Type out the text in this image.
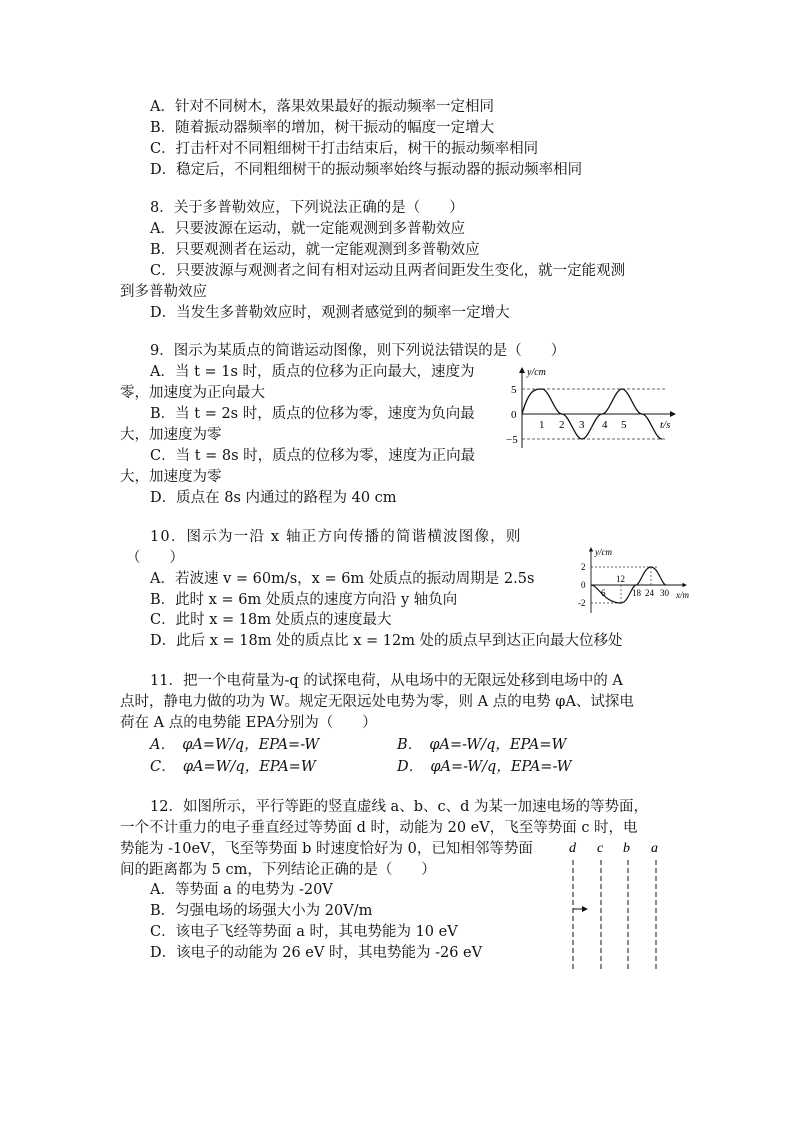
A．针对不同树木，落果效果最好的振动频率一定相同
B．随着振动器频率的增加，树干振动的幅度一定增大
C．打击杆对不同粗细树干打击结束后，树干的振动频率相同
D．稳定后，不同粗细树干的振动频率始终与振动器的振动频率相同
8．关于多普勒效应，下列说法正确的是（　　）
A．只要波源在运动，就一定能观测到多普勒效应
B．只要观测者在运动，就一定能观测到多普勒效应
C．只要波源与观测者之间有相对运动且两者间距发生变化，就一定能观测
到多普勒效应
D．当发生多普勒效应时，观测者感觉到的频率一定增大
9．图示为某质点的简谐运动图像，则下列说法错误的是（　　）
A．当 t = 1s 时，质点的位移为正向最大，速度为
零，加速度为正向最大
B．当 t = 2s 时，质点的位移为零，速度为负向最
大，加速度为零
C．当 t = 8s 时，质点的位移为零，速度为正向最
大，加速度为零
D．质点在 8s 内通过的路程为 40 cm
y/cm
t/s
5
0
−5
1 2 3 4 5
10．图示为一沿 x 轴正方向传播的简谐横波图像，则
（　　）
A．若波速 v = 60m/s，x = 6m 处质点的振动周期是 2.5s
B．此时 x = 6m 处质点的速度方向沿 y 轴负向
C．此时 x = 18m 处质点的速度最大
D．此后 x = 18m 处的质点比 x = 12m 处的质点早到达正向最大位移处
y/cm
x/m
2
0
-2
6
12
18 24 30
11．把一个电荷量为-q 的试探电荷，从电场中的无限远处移到电场中的 A
点时，静电力做的功为 W。规定无限远处电势为零，则 A 点的电势 φA、试探电
荷在 A 点的电势能 EPA分别为（　　）
A．　φA=W/q，EPA=-W	B．　φA=-W/q，EPA=W
C．　φA=W/q，EPA=W	D．　φA=-W/q，EPA=-W
12．如图所示，平行等距的竖直虚线 a、b、c、d 为某一加速电场的等势面，
一个不计重力的电子垂直经过等势面 d 时，动能为 20 eV，飞至等势面 c 时，电
势能为 -10eV，飞至等势面 b 时速度恰好为 0，已知相邻等势面
间的距离都为 5 cm，下列结论正确的是（　　）
A．等势面 a 的电势为 -20V
B．匀强电场的场强大小为 20V/m
C．该电子飞经等势面 a 时，其电势能为 10 eV
D．该电子的动能为 26 eV 时，其电势能为 -26 eV
d c b a
